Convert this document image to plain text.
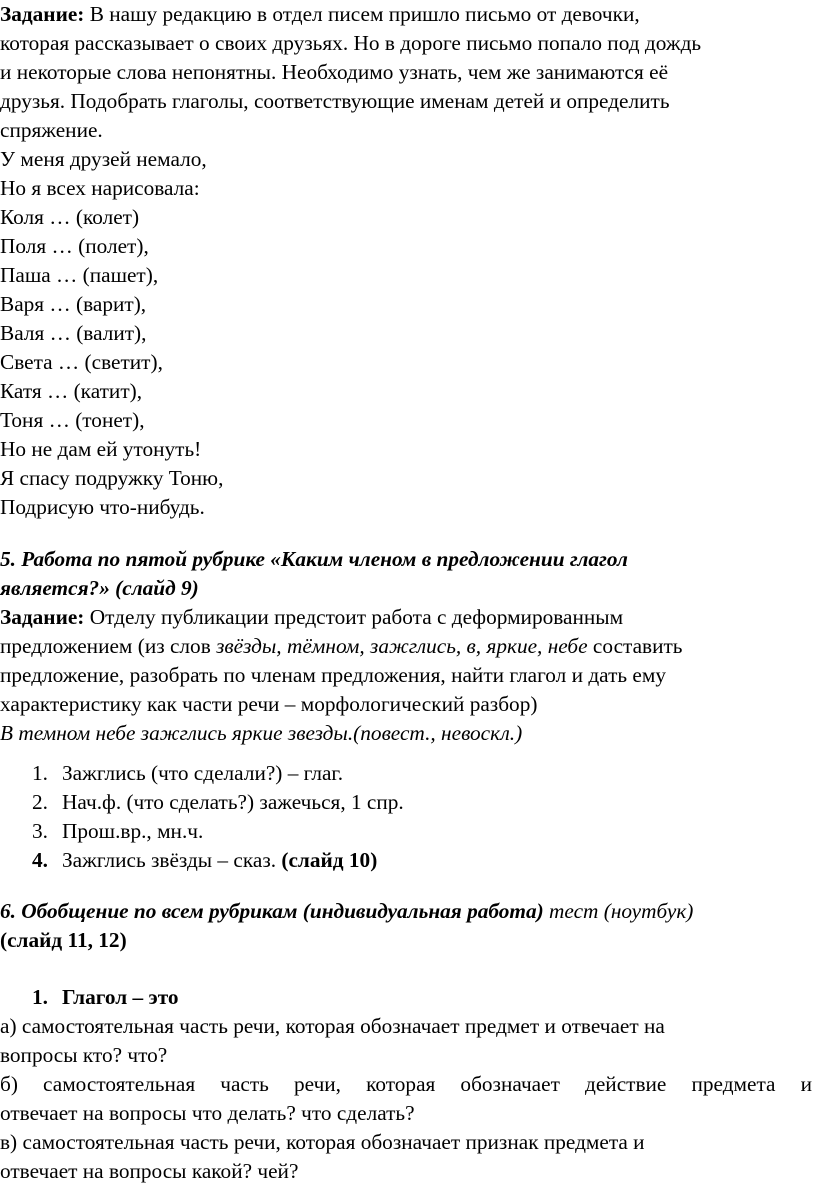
Задание: В нашу редакцию в отдел писем пришло письмо от девочки,
которая рассказывает о своих друзьях. Но в дороге письмо попало под дождь
и некоторые слова непонятны. Необходимо узнать, чем же занимаются её
друзья. Подобрать глаголы, соответствующие именам детей и определить
спряжение.
У меня друзей немало,
Но я всех нарисовала:
Коля … (колет)
Поля … (полет),
Паша … (пашет),
Варя … (варит),
Валя … (валит),
Света … (светит),
Катя … (катит),
Тоня … (тонет),
Но не дам ей утонуть!
Я спасу подружку Тоню,
Подрисую что-нибудь.
5. Работа по пятой рубрике «Каким членом в предложении глагол
является?» (слайд 9)
Задание: Отделу публикации предстоит работа с деформированным
предложением (из слов звёзды, тёмном, зажглись, в, яркие, небе составить
предложение, разобрать по членам предложения, найти глагол и дать ему
характеристику как части речи – морфологический разбор)
В темном небе зажглись яркие звезды.(повест., невоскл.)
1. Зажглись (что сделали?) – глаг.
2. Нач.ф. (что сделать?) зажечься, 1 спр.
3. Прош.вр., мн.ч.
4. Зажглись звёзды – сказ. (слайд 10)
6. Обобщение по всем рубрикам (индивидуальная работа) тест (ноутбук)
(слайд 11, 12)
1. Глагол – это
а) самостоятельная часть речи, которая обозначает предмет и отвечает на
вопросы кто? что?
б) самостоятельная часть речи, которая обозначает действие предмета и
отвечает на вопросы что делать? что сделать?
в) самостоятельная часть речи, которая обозначает признак предмета и
отвечает на вопросы какой? чей?
